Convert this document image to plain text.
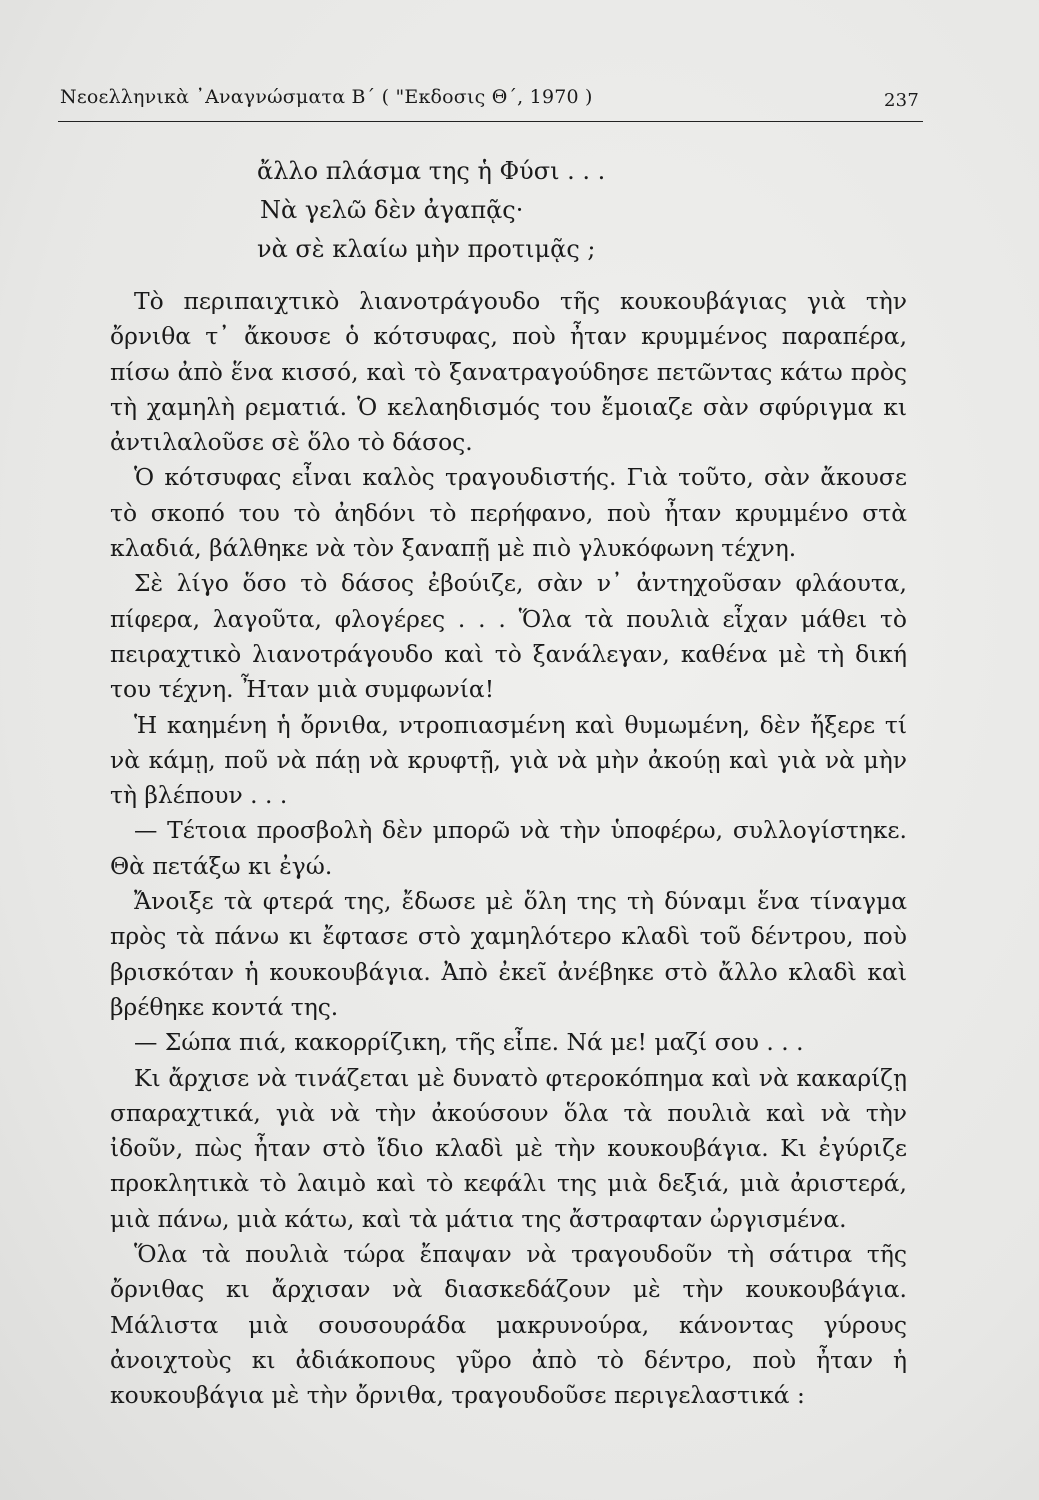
Νεοελληνικὰ ᾿Αναγνώσματα Β΄ ( "Εκδοσις Θ΄, 1970 )	237
ἄλλο πλάσμα της ἡ Φύσι . . .
Νὰ γελῶ δὲν ἀγαπᾷς·
νὰ σὲ κλαίω μὴν προτιμᾷς ;

Τὸ περιπαιχτικὸ λιανοτράγουδο τῆς κουκουβάγιας γιὰ τὴν ὄρνιθα τ᾿ ἄκουσε ὁ κότσυφας, ποὺ ἦταν κρυμμένος παραπέρα, πίσω ἀπὸ ἕνα κισσό, καὶ τὸ ξανατραγούδησε πετῶντας κάτω πρὸς τὴ χαμηλὴ ρεματιά. Ὁ κελαηδισμός του ἔμοιαζε σὰν σφύριγμα κι ἀντιλαλοῦσε σὲ ὅλο τὸ δάσος.

Ὁ κότσυφας εἶναι καλὸς τραγουδιστής. Γιὰ τοῦτο, σὰν ἄκουσε τὸ σκοπό του τὸ ἀηδόνι τὸ περήφανο, ποὺ ἦταν κρυμμένο στὰ κλαδιά, βάλθηκε νὰ τὸν ξαναπῇ μὲ πιὸ γλυκόφωνη τέχνη.

Σὲ λίγο ὅσο τὸ δάσος ἐβούιζε, σὰν ν᾿ ἀντηχοῦσαν φλάουτα, πίφερα, λαγοῦτα, φλογέρες . . . Ὅλα τὰ πουλιὰ εἶχαν μάθει τὸ πειραχτικὸ λιανοτράγουδο καὶ τὸ ξανάλεγαν, καθένα μὲ τὴ δική του τέχνη. Ἦταν μιὰ συμφωνία!

Ἡ καημένη ἡ ὄρνιθα, ντροπιασμένη καὶ θυμωμένη, δὲν ἤξερε τί νὰ κάμῃ, ποῦ νὰ πάῃ νὰ κρυφτῇ, γιὰ νὰ μὴν ἀκούῃ καὶ γιὰ νὰ μὴν τὴ βλέπουν . . .

— Τέτοια προσβολὴ δὲν μπορῶ νὰ τὴν ὑποφέρω, συλλογίστηκε. Θὰ πετάξω κι ἐγώ.

Ἄνοιξε τὰ φτερά της, ἔδωσε μὲ ὅλη της τὴ δύναμι ἕνα τίναγμα πρὸς τὰ πάνω κι ἔφτασε στὸ χαμηλότερο κλαδὶ τοῦ δέντρου, ποὺ βρισκόταν ἡ κουκουβάγια. Ἀπὸ ἐκεῖ ἀνέβηκε στὸ ἄλλο κλαδὶ καὶ βρέθηκε κοντά της.

— Σώπα πιά, κακορρίζικη, τῆς εἶπε. Νά με! μαζί σου . . .

Κι ἄρχισε νὰ τινάζεται μὲ δυνατὸ φτεροκόπημα καὶ νὰ κακαρίζῃ σπαραχτικά, γιὰ νὰ τὴν ἀκούσουν ὅλα τὰ πουλιὰ καὶ νὰ τὴν ἰδοῦν, πὼς ἦταν στὸ ἴδιο κλαδὶ μὲ τὴν κουκουβάγια. Κι ἐγύριζε προκλητικὰ τὸ λαιμὸ καὶ τὸ κεφάλι της μιὰ δεξιά, μιὰ ἀριστερά, μιὰ πάνω, μιὰ κάτω, καὶ τὰ μάτια της ἄστραφταν ὠργισμένα.

Ὅλα τὰ πουλιὰ τώρα ἔπαψαν νὰ τραγουδοῦν τὴ σάτιρα τῆς ὄρνιθας κι ἄρχισαν νὰ διασκεδάζουν μὲ τὴν κουκουβάγια. Μάλιστα μιὰ σουσουράδα μακρυνούρα, κάνοντας γύρους ἀνοιχτοὺς κι ἀδιάκοπους γῦρο ἀπὸ τὸ δέντρο, ποὺ ἦταν ἡ κουκουβάγια μὲ τὴν ὄρνιθα, τραγουδοῦσε περιγελαστικά :
